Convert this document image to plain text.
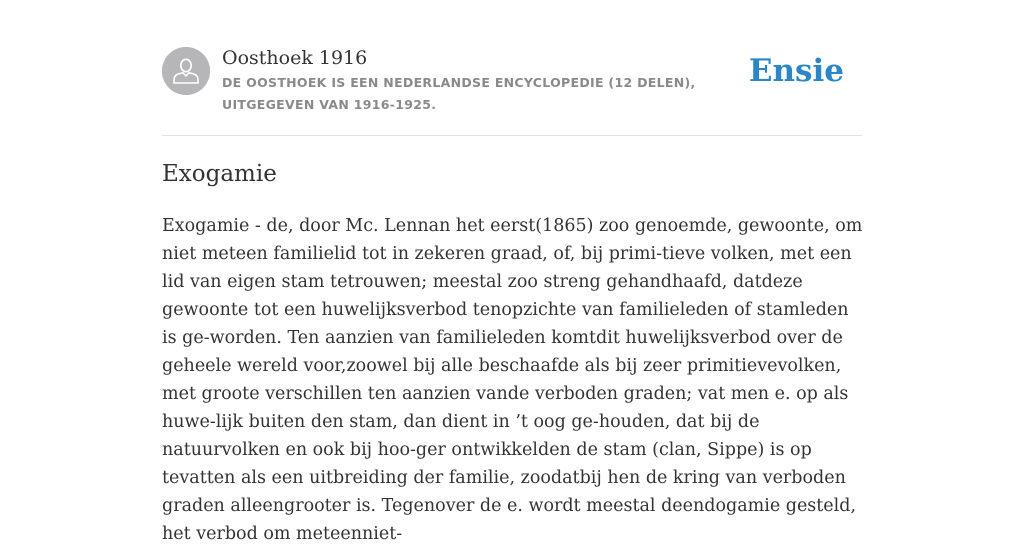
Oosthoek 1916
DE OOSTHOEK IS EEN NEDERLANDSE ENCYCLOPEDIE (12 DELEN), UITGEGEVEN VAN 1916-1925.
Ensie
Exogamie

Exogamie - de, door Mc. Lennan het eerst(1865) zoo genoemde, gewoonte, om niet meteen familielid tot in zekeren graad, of, bij primi-tieve volken, met een lid van eigen stam tetrouwen; meestal zoo streng gehandhaafd, datdeze gewoonte tot een huwelijksverbod tenopzichte van familieleden of stamleden is ge-worden. Ten aanzien van familieleden komtdit huwelijksverbod over de geheele wereld voor,zoowel bij alle beschaafde als bij zeer primitievevolken, met groote verschillen ten aanzien vande verboden graden; vat men e. op als huwe-lijk buiten den stam, dan dient in ’t oog ge-houden, dat bij de natuurvolken en ook bij hoo-ger ontwikkelden de stam (clan, Sippe) is op tevatten als een uitbreiding der familie, zoodatbij hen de kring van verboden graden alleengrooter is. Tegenover de e. wordt meestal deendogamie gesteld, het verbod om meteenniet-
